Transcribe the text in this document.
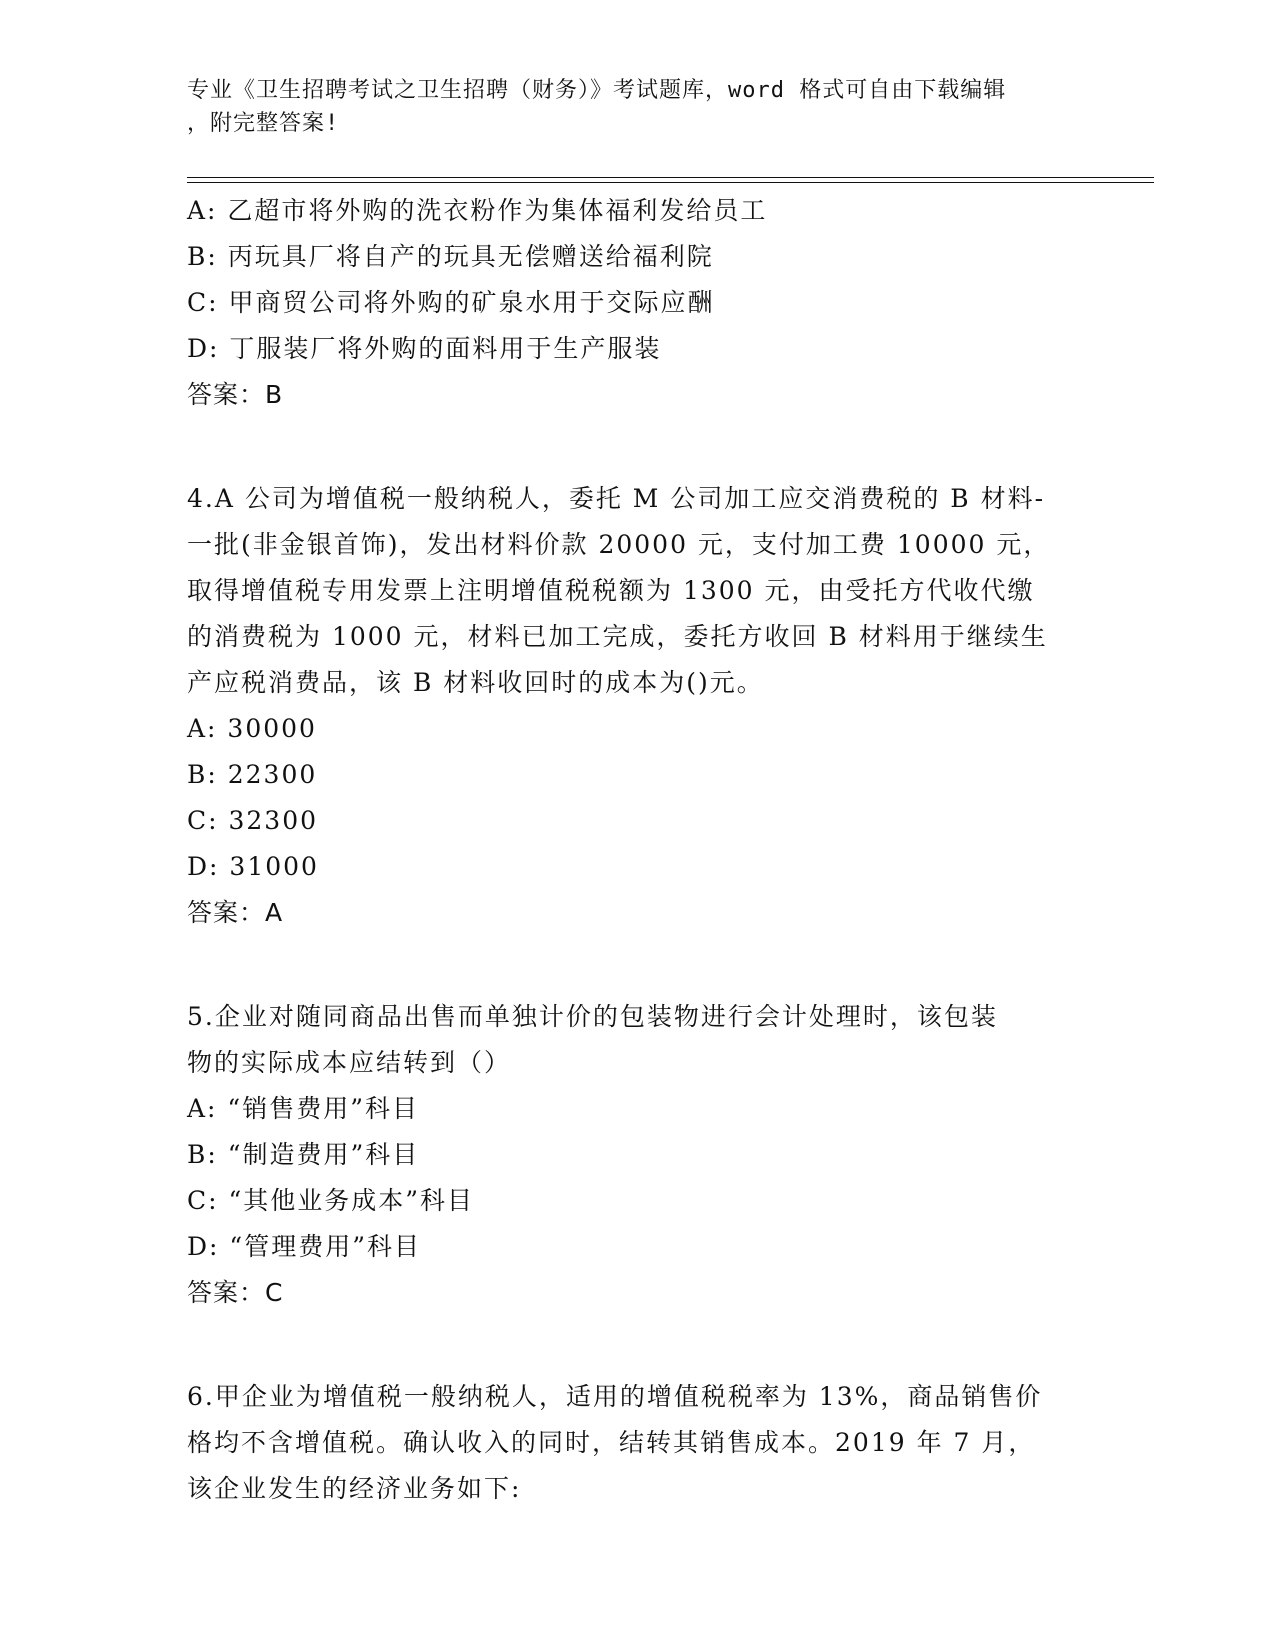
专业《卫生招聘考试之卫生招聘（财务）》考试题库，word 格式可自由下载编辑
，附完整答案!
A: 乙超市将外购的洗衣粉作为集体福利发给员工
B: 丙玩具厂将自产的玩具无偿赠送给福利院
C: 甲商贸公司将外购的矿泉水用于交际应酬
D: 丁服装厂将外购的面料用于生产服装
答案：B

4.A 公司为增值税一般纳税人，委托 M 公司加工应交消费税的 B 材料-

一批(非金银首饰)，发出材料价款 20000 元，支付加工费 10000 元，

取得增值税专用发票上注明增值税税额为 1300 元，由受托方代收代缴

的消费税为 1000 元，材料已加工完成，委托方收回 B 材料用于继续生

产应税消费品，该 B 材料收回时的成本为()元。

A: 30000
B: 22300
C: 32300
D: 31000
答案：A

5.企业对随同商品出售而单独计价的包装物进行会计处理时，该包装

物的实际成本应结转到（）

A: “销售费用”科目
B: “制造费用”科目
C: “其他业务成本”科目
D: “管理费用”科目
答案：C

6.甲企业为增值税一般纳税人，适用的增值税税率为 13%，商品销售价

格均不含增值税。确认收入的同时，结转其销售成本。2019 年 7 月，

该企业发生的经济业务如下:
